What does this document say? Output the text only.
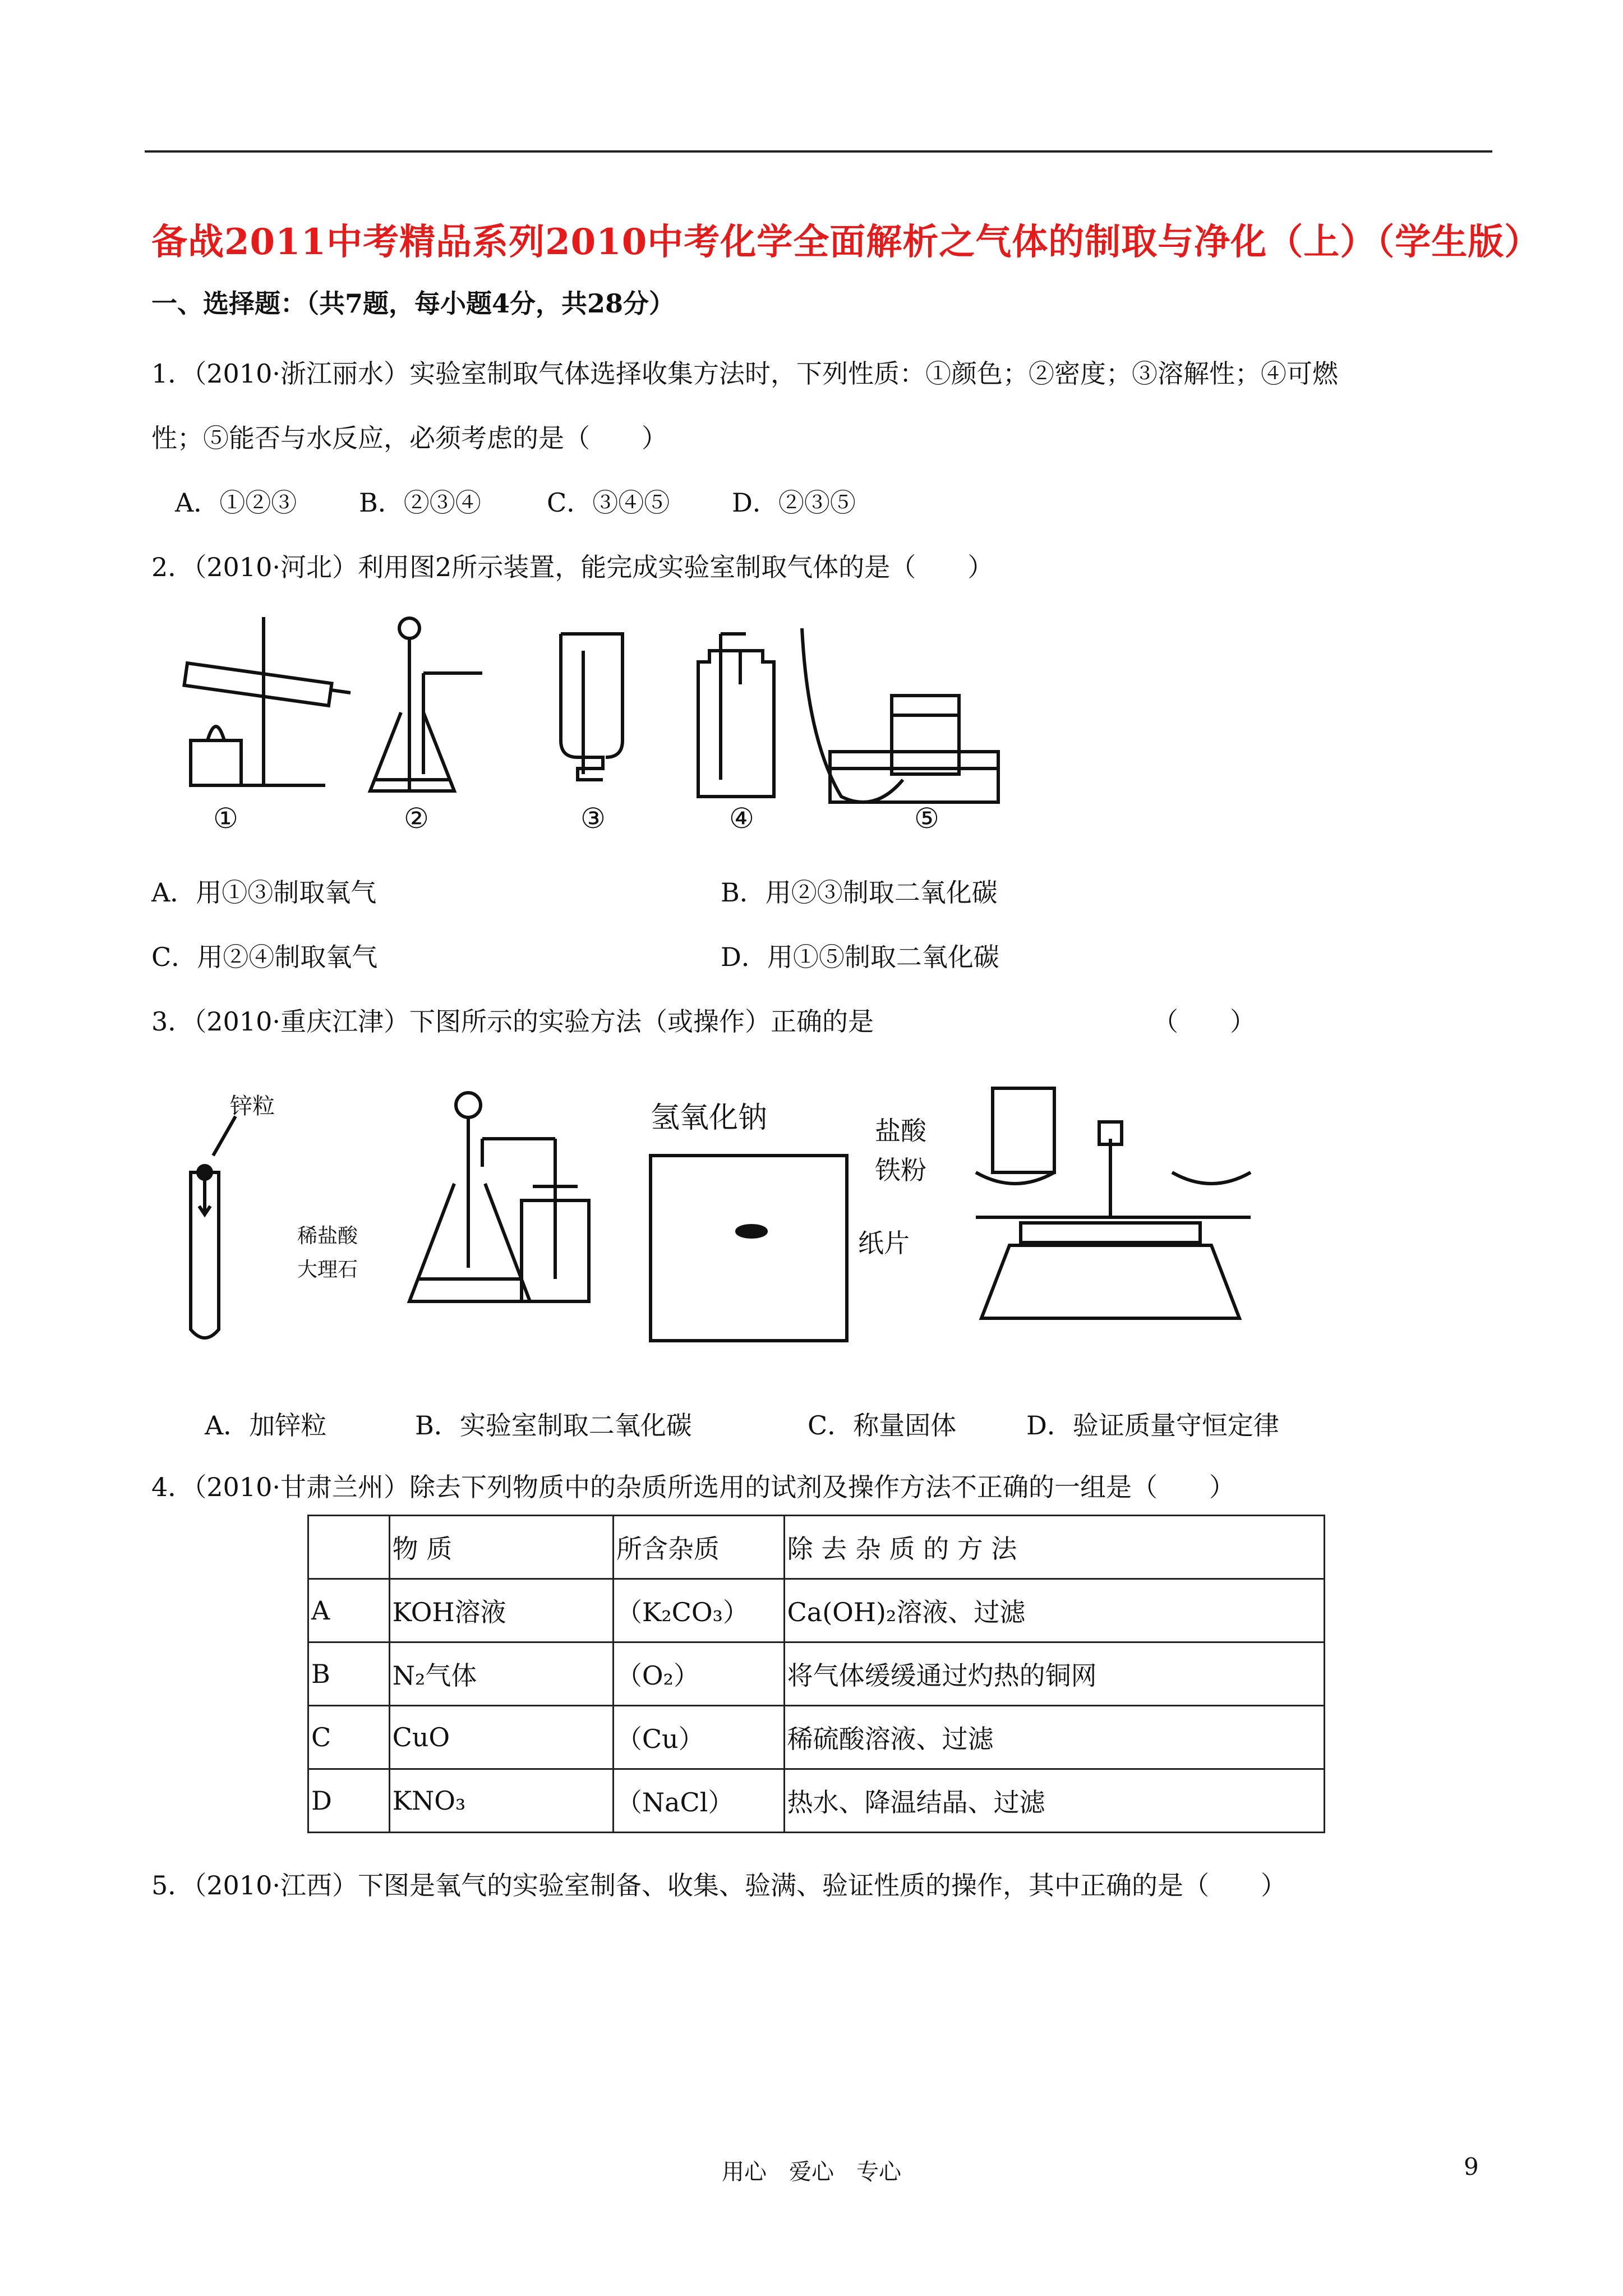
备战2011中考精品系列2010中考化学全面解析之气体的制取与净化（上）（学生版）
一、选择题：（共7题，每小题4分，共28分）
1．（2010·浙江丽水）实验室制取气体选择收集方法时，下列性质：①颜色；②密度；③溶解性；④可燃
性；⑤能否与水反应，必须考虑的是（　　）
A．①②③ B．②③④	C．③④⑤ D．②③⑤
2．（2010·河北）利用图2所示装置，能完成实验室制取气体的是（　　）
①	②	③	④	⑤
A．用①③制取氧气	B．用②③制取二氧化碳
C．用②④制取氧气	D．用①⑤制取二氧化碳
3．（2010·重庆江津）下图所示的实验方法（或操作）正确的是	（　　）
锌粒
稀盐酸
大理石
氢氧化钠
纸片
盐酸
铁粉
A．加锌粒	B．实验室制取二氧化碳	C．称量固体	D．验证质量守恒定律
4．（2010·甘肃兰州）除去下列物质中的杂质所选用的试剂及操作方法不正确的一组是（　　）
	物 质	所含杂质	除 去 杂 质 的 方 法
A	KOH溶液	（K₂CO₃）	Ca(OH)₂溶液、过滤
B	N₂气体	（O₂）	将气体缓缓通过灼热的铜网
C	CuO	（Cu）	稀硫酸溶液、过滤
D	KNO₃	（NaCl）	热水、降温结晶、过滤
5．（2010·江西）下图是氧气的实验室制备、收集、验满、验证性质的操作，其中正确的是（　　）
用心　爱心　专心	9
